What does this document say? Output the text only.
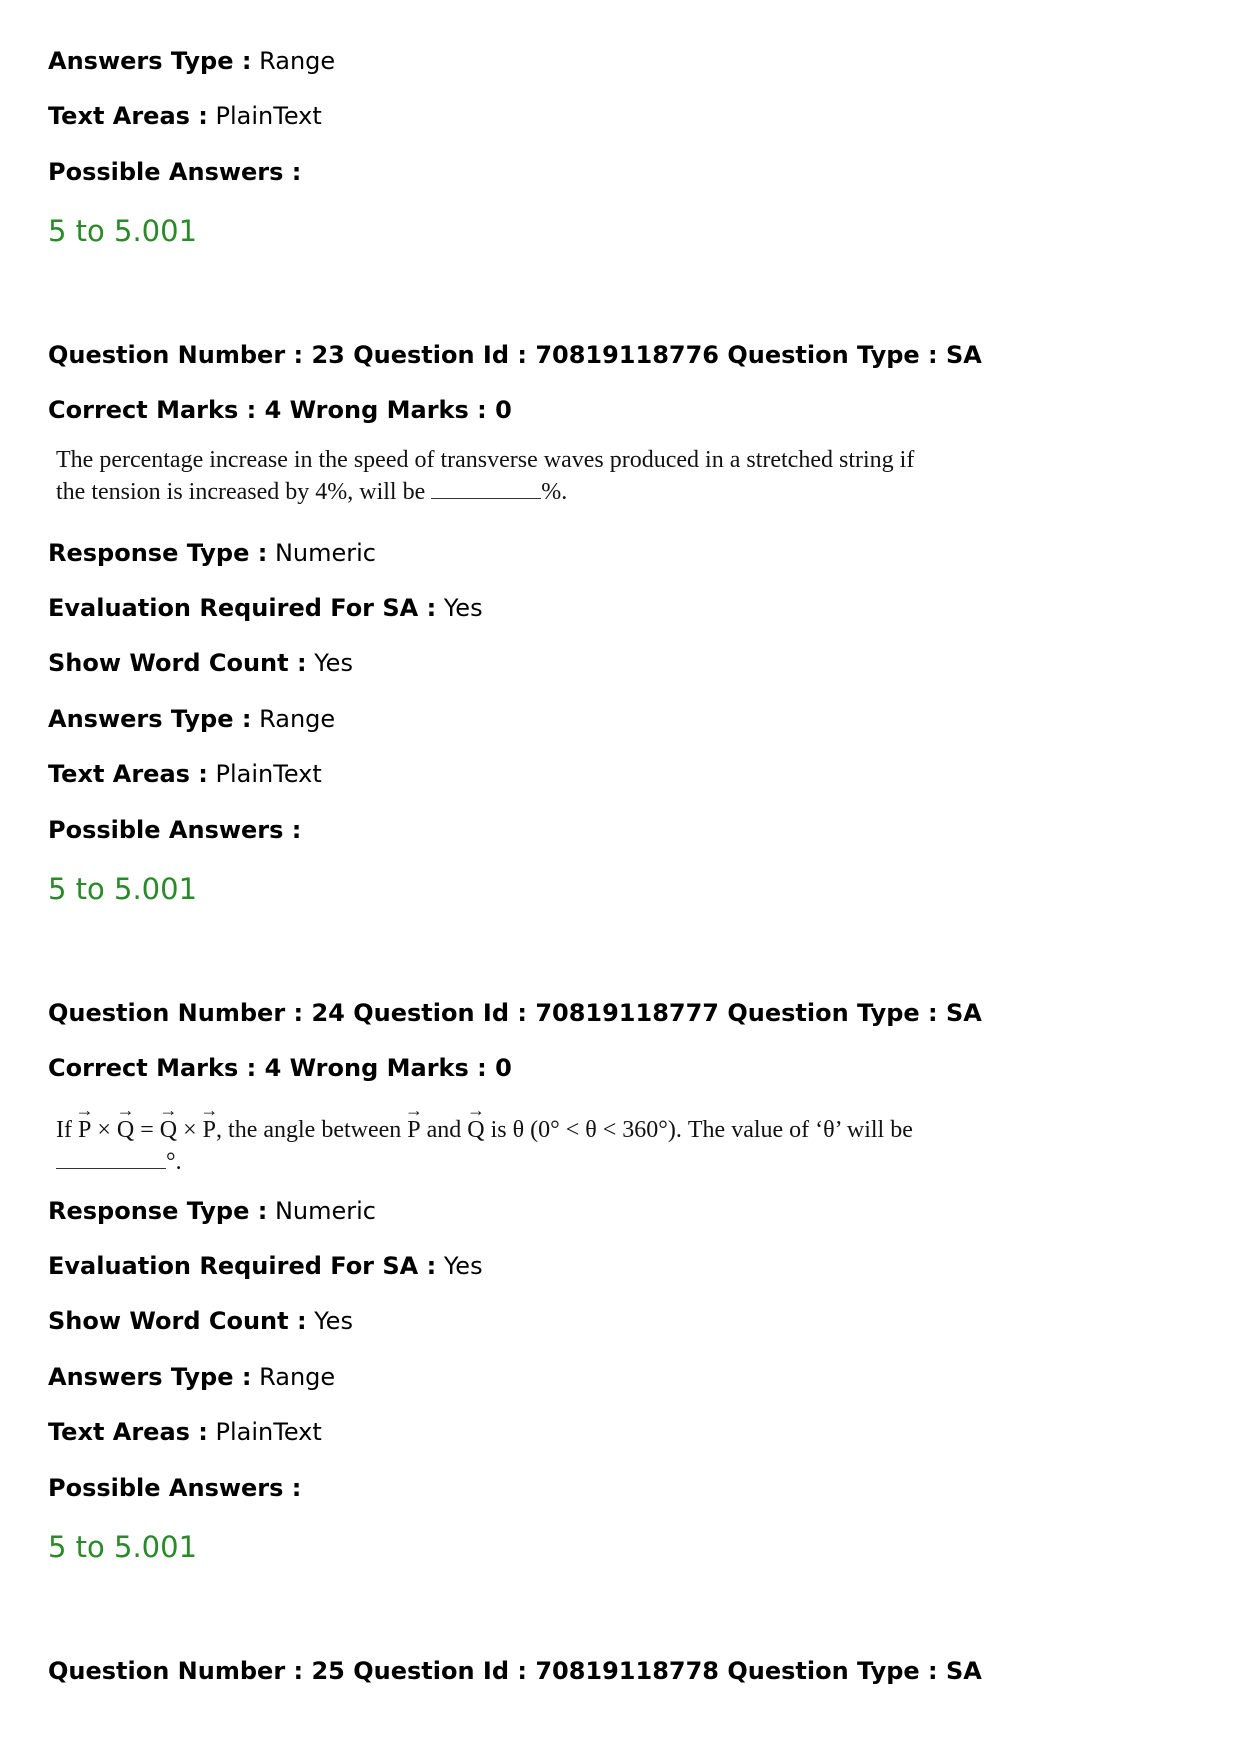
Answers Type : Range

Text Areas : PlainText

Possible Answers :

5 to 5.001

Question Number : 23 Question Id : 70819118776 Question Type : SA

Correct Marks : 4 Wrong Marks : 0

The percentage increase in the speed of transverse waves produced in a stretched string if
the tension is increased by 4%, will be	%.

Response Type : Numeric

Evaluation Required For SA : Yes

Show Word Count : Yes

Answers Type : Range

Text Areas : PlainText

Possible Answers :

5 to 5.001

Question Number : 24 Question Id : 70819118777 Question Type : SA

Correct Marks : 4 Wrong Marks : 0

If → P × → Q = → Q × → P, the angle between → P and → Q is θ (0° < θ < 360°). The value of ‘θ’ will be
°.

Response Type : Numeric

Evaluation Required For SA : Yes

Show Word Count : Yes

Answers Type : Range

Text Areas : PlainText

Possible Answers :

5 to 5.001

Question Number : 25 Question Id : 70819118778 Question Type : SA
